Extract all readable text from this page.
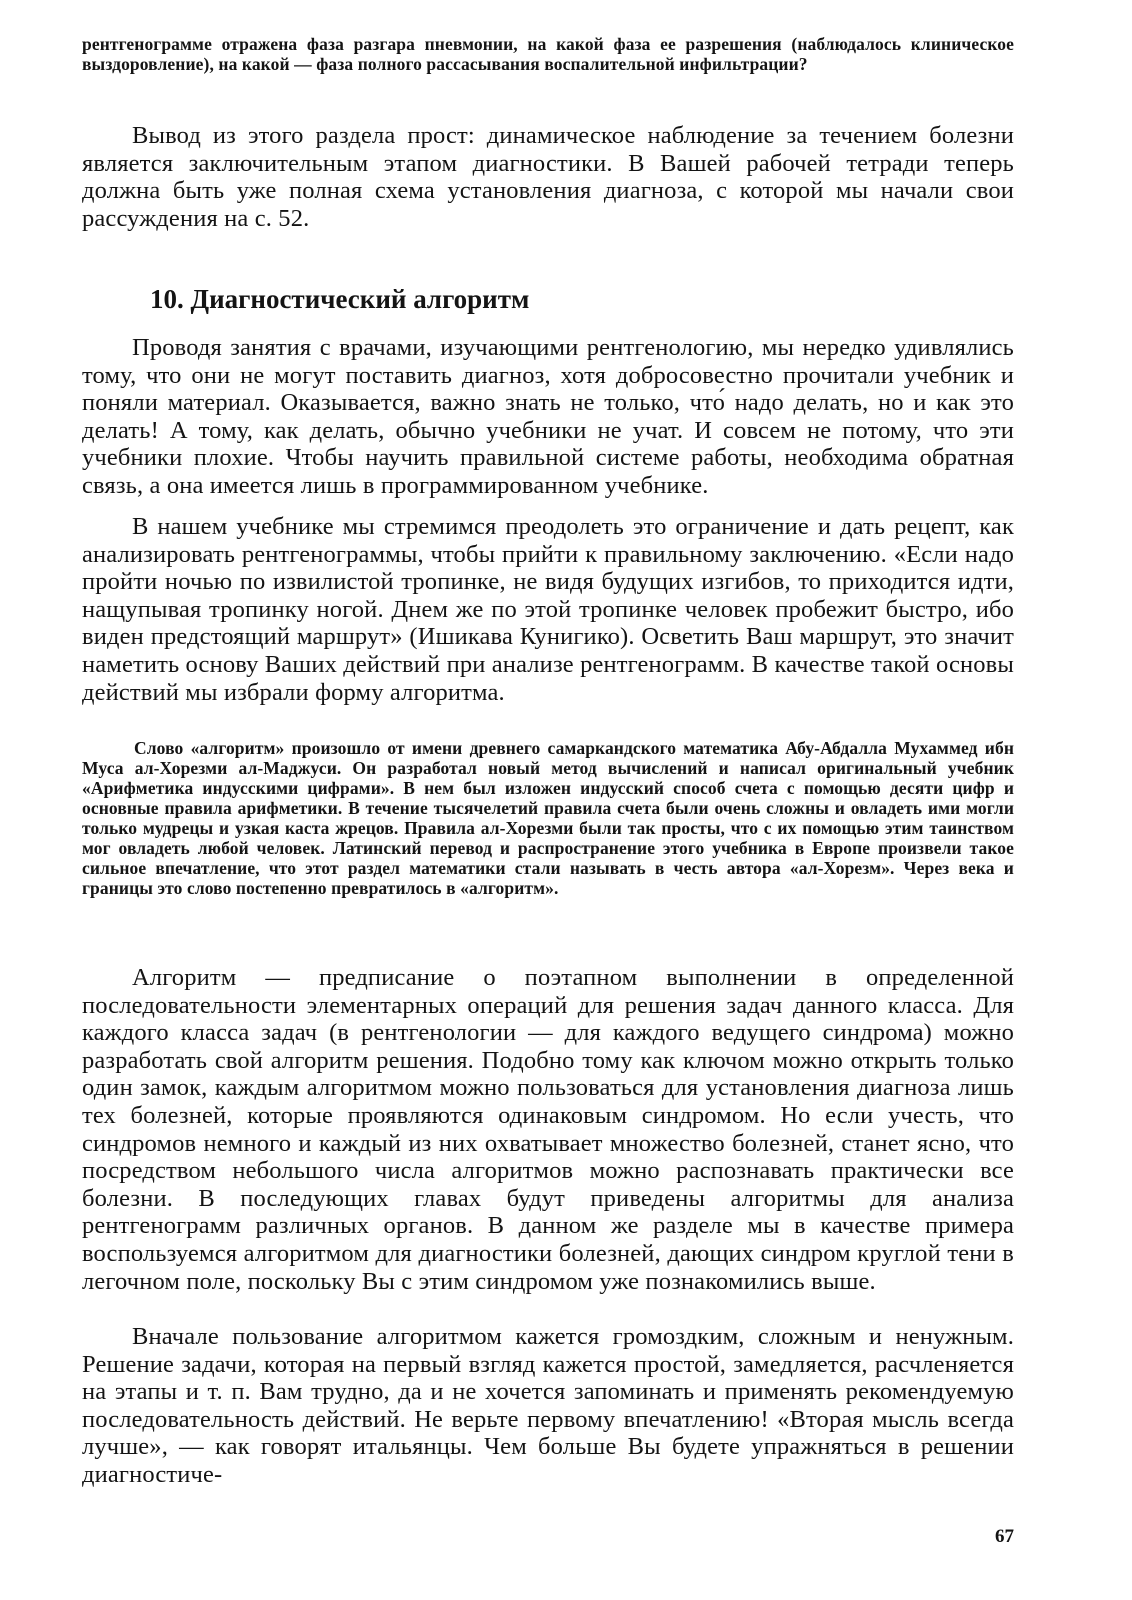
рентгенограмме отражена фаза разгара пневмонии, на какой фаза ее разрешения (наблюдалось клиническое выздоровление), на какой — фаза полного рассасывания воспалительной инфильтрации?

Вывод из этого раздела прост: динамическое наблюдение за течением болезни является заключительным этапом диагностики. В Вашей рабочей тетради теперь должна быть уже полная схема установления диагноза, с которой мы начали свои рассуждения на с. 52.

10. Диагностический алгоритм

Проводя занятия с врачами, изучающими рентгенологию, мы нередко удивлялись тому, что они не могут поставить диагноз, хотя добросовестно прочитали учебник и поняли материал. Оказывается, важно знать не только, что́ надо делать, но и как это делать! А тому, как делать, обычно учебники не учат. И совсем не потому, что эти учебники плохие. Чтобы научить правильной системе работы, необходима обратная связь, а она имеется лишь в программированном учебнике.

В нашем учебнике мы стремимся преодолеть это ограничение и дать рецепт, как анализировать рентгенограммы, чтобы прийти к правильному заключению. «Если надо пройти ночью по извилистой тропинке, не видя будущих изгибов, то приходится идти, нащупывая тропинку ногой. Днем же по этой тропинке человек пробежит быстро, ибо виден предстоящий маршрут» (Ишикава Кунигико). Осветить Ваш маршрут, это значит наметить основу Ваших действий при анализе рентгенограмм. В качестве такой основы действий мы избрали форму алгоритма.

Слово «алгоритм» произошло от имени древнего самаркандского математика Абу-Абдалла Мухаммед ибн Муса ал-Хорезми ал-Маджуси. Он разработал новый метод вычислений и написал оригинальный учебник «Арифметика индусскими цифрами». В нем был изложен индусский способ счета с помощью десяти цифр и основные правила арифметики. В течение тысячелетий правила счета были очень сложны и овладеть ими могли только мудрецы и узкая каста жрецов. Правила ал-Хорезми были так просты, что с их помощью этим таинством мог овладеть любой человек. Латинский перевод и распространение этого учебника в Европе произвели такое сильное впечатление, что этот раздел математики стали называть в честь автора «ал-Хорезм». Через века и границы это слово постепенно превратилось в «алгоритм».

Алгоритм — предписание о поэтапном выполнении в определенной последовательности элементарных операций для решения задач данного класса. Для каждого класса задач (в рентгенологии — для каждого ведущего синдрома) можно разработать свой алгоритм решения. Подобно тому как ключом можно открыть только один замок, каждым алгоритмом можно пользоваться для установления диагноза лишь тех болезней, которые проявляются одинаковым синдромом. Но если учесть, что синдромов немного и каждый из них охватывает множество болезней, станет ясно, что посредством небольшого числа алгоритмов можно распознавать практически все болезни. В последующих главах будут приведены алгоритмы для анализа рентгенограмм различных органов. В данном же разделе мы в качестве примера воспользуемся алгоритмом для диагностики болезней, дающих синдром круглой тени в легочном поле, поскольку Вы с этим синдромом уже познакомились выше.

Вначале пользование алгоритмом кажется громоздким, сложным и ненужным. Решение задачи, которая на первый взгляд кажется простой, замедляется, расчленяется на этапы и т. п. Вам трудно, да и не хочется запоминать и применять рекомендуемую последовательность действий. Не верьте первому впечатлению! «Вторая мысль всегда лучше», — как говорят итальянцы. Чем больше Вы будете упражняться в решении диагностиче-

67
